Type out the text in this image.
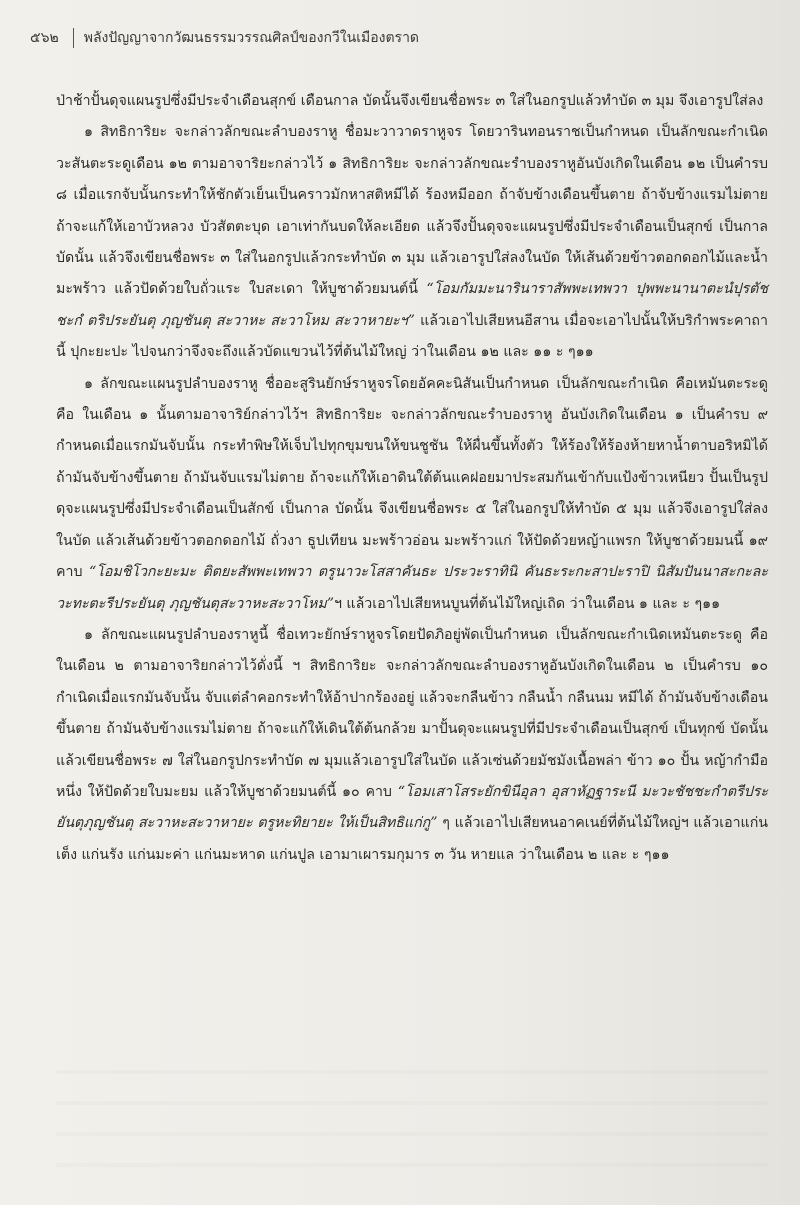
๕๖๒ พลังปัญญาจากวัฒนธรรมวรรณศิลป์ของกวีในเมืองตราด

ป่าช้าปั้นดุจแผนรูปซึ่งมีประจำเดือนสุกข์ เดือนกาล บัดนั้นจึงเขียนชื่อพระ ๓ ใส่ในอกรูปแล้วทำบัด ๓ มุม จึงเอารูปใส่ลง

๑ สิทธิการิยะ จะกล่าวลักขณะลำบองราหู ชื่อมะวาวาดราหูจร โดยวารินทอนราชเป็นกำหนด เป็นลักขณะกำเนิดวะสันตะระดูเดือน ๑๒ ตามอาจาริยะกล่าวไว้ ๑ สิทธิการิยะ จะกล่าวลักขณะรำบองราหูอันบังเกิดในเดือน ๑๒ เป็นคำรบ ๘ เมื่อแรกจับนั้นกระทำให้ชักตัวเย็นเป็นคราวมักหาสติหมีได้ ร้องหมีออก ถ้าจับข้างเดือนขึ้นตาย ถ้าจับข้างแรมไม่ตาย ถ้าจะแก้ให้เอาบัวหลวง บัวสัตตะบุด เอาเท่ากันบดให้ละเอียด แล้วจึงปั้นดุจจะแผนรูปซึ่งมีประจำเดือนเป็นสุกข์ เป็นกาล บัดนั้น แล้วจึงเขียนชื่อพระ ๓ ใส่ในอกรูปแล้วกระทำบัด ๓ มุม แล้วเอารูปใส่ลงในบัด ให้เส้นด้วยข้าวตอกดอกไม้และน้ำมะพร้าว แล้วปัดด้วยใบถั่วแระ ใบสะเดา ให้บูชาด้วยมนต์นี้ “โอมกัมมะนารินาราสัพพะเทพวา ปุพพะนานาตะนํปุรตัชชะกํ ตริประยันตุ ภุญชันตุ สะวาหะ สะวาโหม สะวาหายะฯ” แล้วเอาไปเสียหนอีสาน เมื่อจะเอาไปนั้นให้บริกำพระคาถานี้ ปุกะยะปะ ไปจนกว่าจึงจะถึงแล้วบัดแขวนไว้ที่ต้นไม้ใหญ่ ว่าในเดือน ๑๒ และ ๑๑ ะ ๆ๑๑

๑ ลักขณะแผนรูปลำบองราหู ชื่ออะสูรินยักษ์ราหูจรโดยอัคคะนิสันเป็นกำหนด เป็นลักขณะกำเนิด คือเหมันตะระดู คือ ในเดือน ๑ นั้นตามอาจาริย์กล่าวไว้ฯ สิทธิการิยะ จะกล่าวลักขณะรำบองราหู อันบังเกิดในเดือน ๑ เป็นคำรบ ๙ กำหนดเมื่อแรกมันจับนั้น กระทำพิษให้เจ็บไปทุกขุมขนให้ขนชูชัน ให้ผื่นขึ้นทั้งตัว ให้ร้องให้ร้องห้ายหาน้ำตาบอริหมิได้ ถ้ามันจับข้างขึ้นตาย ถ้ามันจับแรมไม่ตาย ถ้าจะแก้ให้เอาดินใต้ต้นแคฝอยมาประสมกันเข้ากับแป้งข้าวเหนียว ปั้นเป็นรูปดุจะแผนรูปซึ่งมีประจำเดือนเป็นสักข์ เป็นกาล บัดนั้น จึงเขียนชื่อพระ ๕ ใส่ในอกรูปให้ทำบัด ๕ มุม แล้วจึงเอารูปใส่ลงในบัด แล้วเส้นด้วยข้าวตอกดอกไม้ ถั่วงา ธูปเทียน มะพร้าวอ่อน มะพร้าวแก่ ให้ปัดด้วยหญ้าแพรก ให้บูชาด้วยมนนี้ ๑๙ คาบ “โอมชิโวกะยะมะ ติตยะสัพพะเทพวา ตรูนาวะโสสาคันธะ ประวะราทินิ คันธะระกะสาปะราปิ นิสัมปันนาสะกะละวะทะตะรีประยันตุ ภุญชันตุสะวาหะสะวาโหม”ฯ แล้วเอาไปเสียหนบูนที่ต้นไม้ใหญ่เถิด ว่าในเดือน ๑ และ ะ ๆ๑๑

๑ ลักขณะแผนรูปลำบองราหูนี้ ชื่อเทวะยักษ์ราหูจรโดยปัดภิอยู่พัดเป็นกำหนด เป็นลักขณะกำเนิดเหมันตะระดู คือ ในเดือน ๒ ตามอาจาริยกล่าวไว้ดั่งนี้ ฯ สิทธิการิยะ จะกล่าวลักขณะลำบองราหูอันบังเกิดในเดือน ๒ เป็นคำรบ ๑๐ กำเนิดเมื่อแรกมันจับนั้น จับแต่ลำคอกระทำให้อ้าปากร้องอยู่ แล้วจะกลืนข้าว กลืนน้ำ กลืนนม หมีได้ ถ้ามันจับข้างเดือนขึ้นตาย ถ้ามันจับข้างแรมไม่ตาย ถ้าจะแก้ให้เดินใต้ต้นกล้วย มาปั้นดุจะแผนรูปที่มีประจำเดือนเป็นสุกข์ เป็นทุกข์ บัดนั้น แล้วเขียนชื่อพระ ๗ ใส่ในอกรูปกระทำบัด ๗ มุมแล้วเอารูปใส่ในบัด แล้วเซ่นด้วยมัชมังเนื้อพล่า ข้าว ๑๐ ปั้น หญ้ากำมือหนึ่ง ให้ปัดด้วยใบมะยม แล้วให้บูชาด้วยมนต์นี้ ๑๐ คาบ “โอมเสาโสระยักขินีอุลา อุสาหัฏฐาระนี มะวะชัชชะกำตรีประยันตุภุญชันตุ สะวาหะสะวาหายะ ตรูหะทิยายะ ให้เป็นสิทธิแก่กู” ๆ แล้วเอาไปเสียหนอาคเนย์ที่ต้นไม้ใหญ่ฯ แล้วเอาแก่นเต็ง แก่นรัง แก่นมะค่า แก่นมะหาด แก่นปูล เอามาเผารมกุมาร ๓ วัน หายแล ว่าในเดือน ๒ และ ะ ๆ๑๑
